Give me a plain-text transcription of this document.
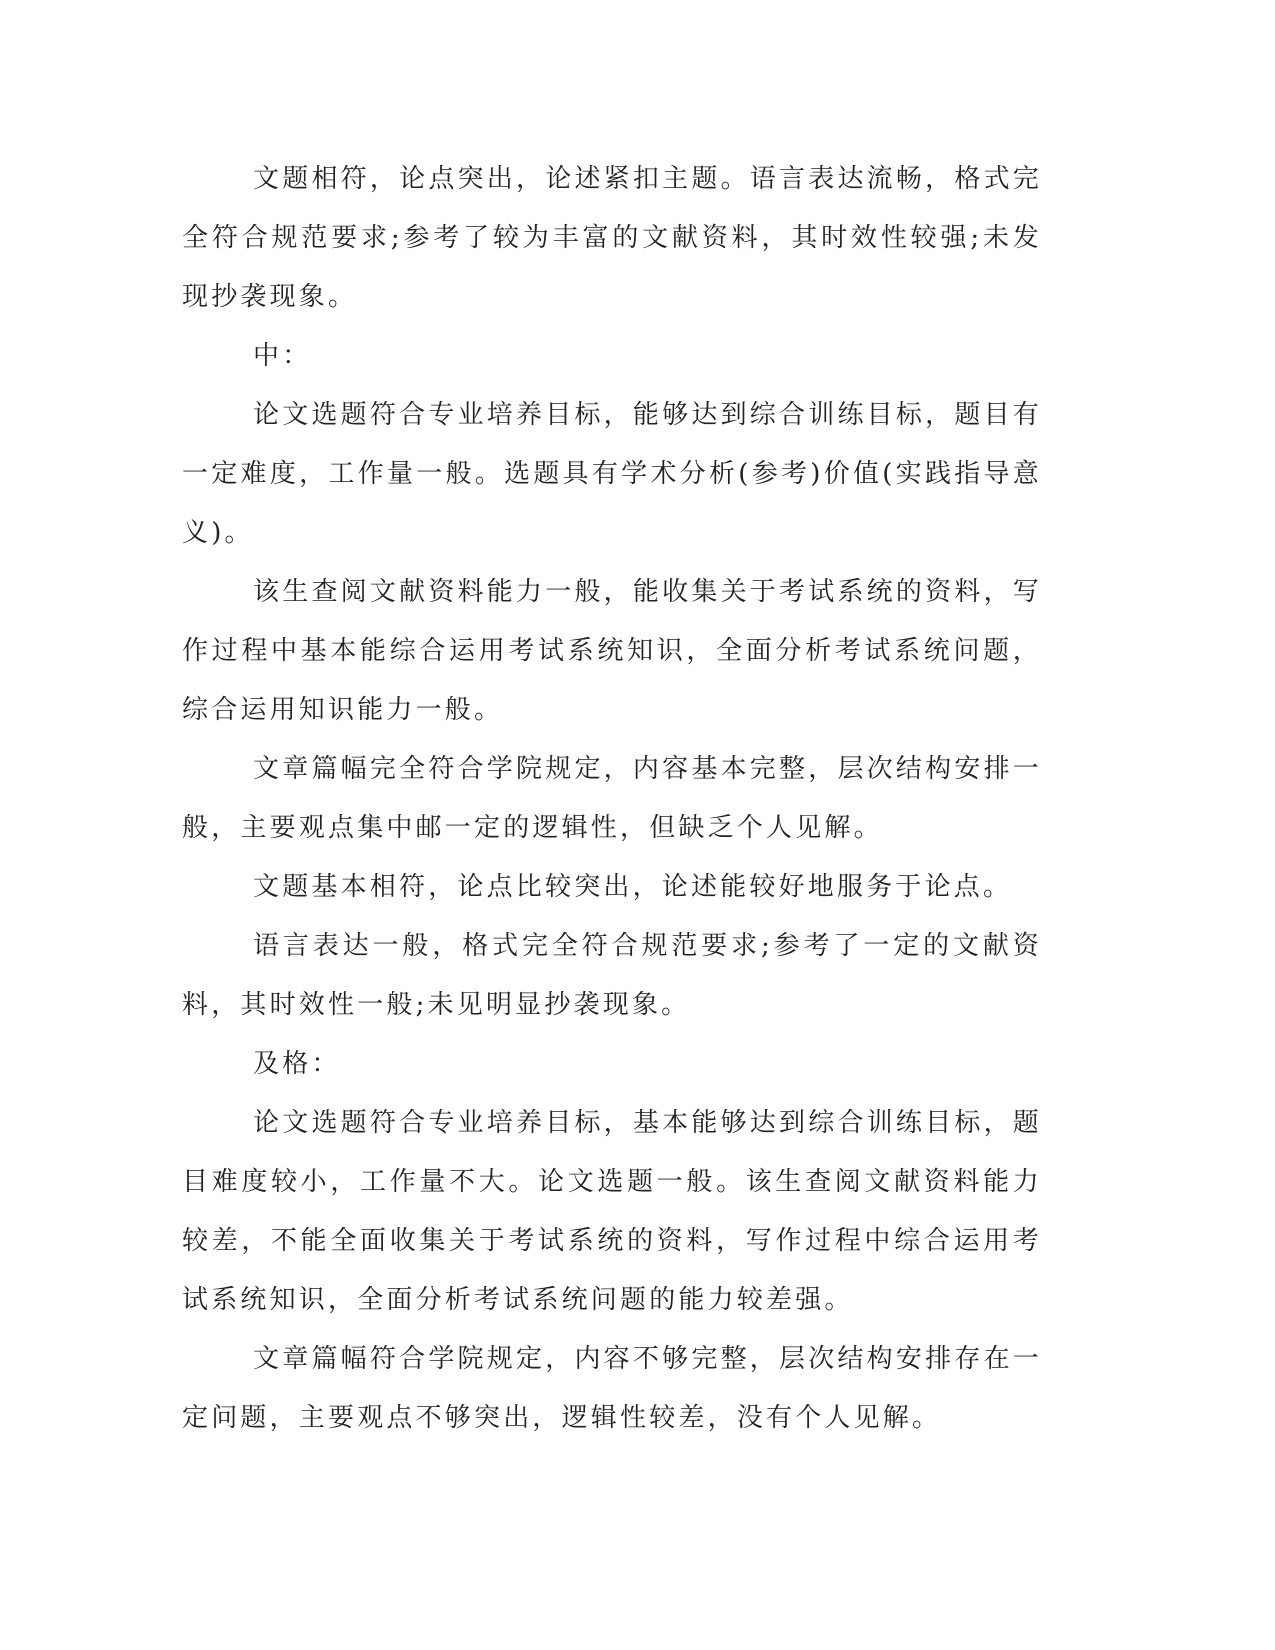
文题相符，论点突出，论述紧扣主题。语言表达流畅，格式完全符合规范要求;参考了较为丰富的文献资料，其时效性较强;未发现抄袭现象。

中：

论文选题符合专业培养目标，能够达到综合训练目标，题目有一定难度，工作量一般。选题具有学术分析(参考)价值(实践指导意义)。

该生查阅文献资料能力一般，能收集关于考试系统的资料，写作过程中基本能综合运用考试系统知识，全面分析考试系统问题，综合运用知识能力一般。

文章篇幅完全符合学院规定，内容基本完整，层次结构安排一般，主要观点集中邮一定的逻辑性，但缺乏个人见解。

文题基本相符，论点比较突出，论述能较好地服务于论点。

语言表达一般，格式完全符合规范要求;参考了一定的文献资料，其时效性一般;未见明显抄袭现象。

及格：

论文选题符合专业培养目标，基本能够达到综合训练目标，题目难度较小，工作量不大。论文选题一般。该生查阅文献资料能力较差，不能全面收集关于考试系统的资料，写作过程中综合运用考试系统知识，全面分析考试系统问题的能力较差强。

文章篇幅符合学院规定，内容不够完整，层次结构安排存在一定问题，主要观点不够突出，逻辑性较差，没有个人见解。
